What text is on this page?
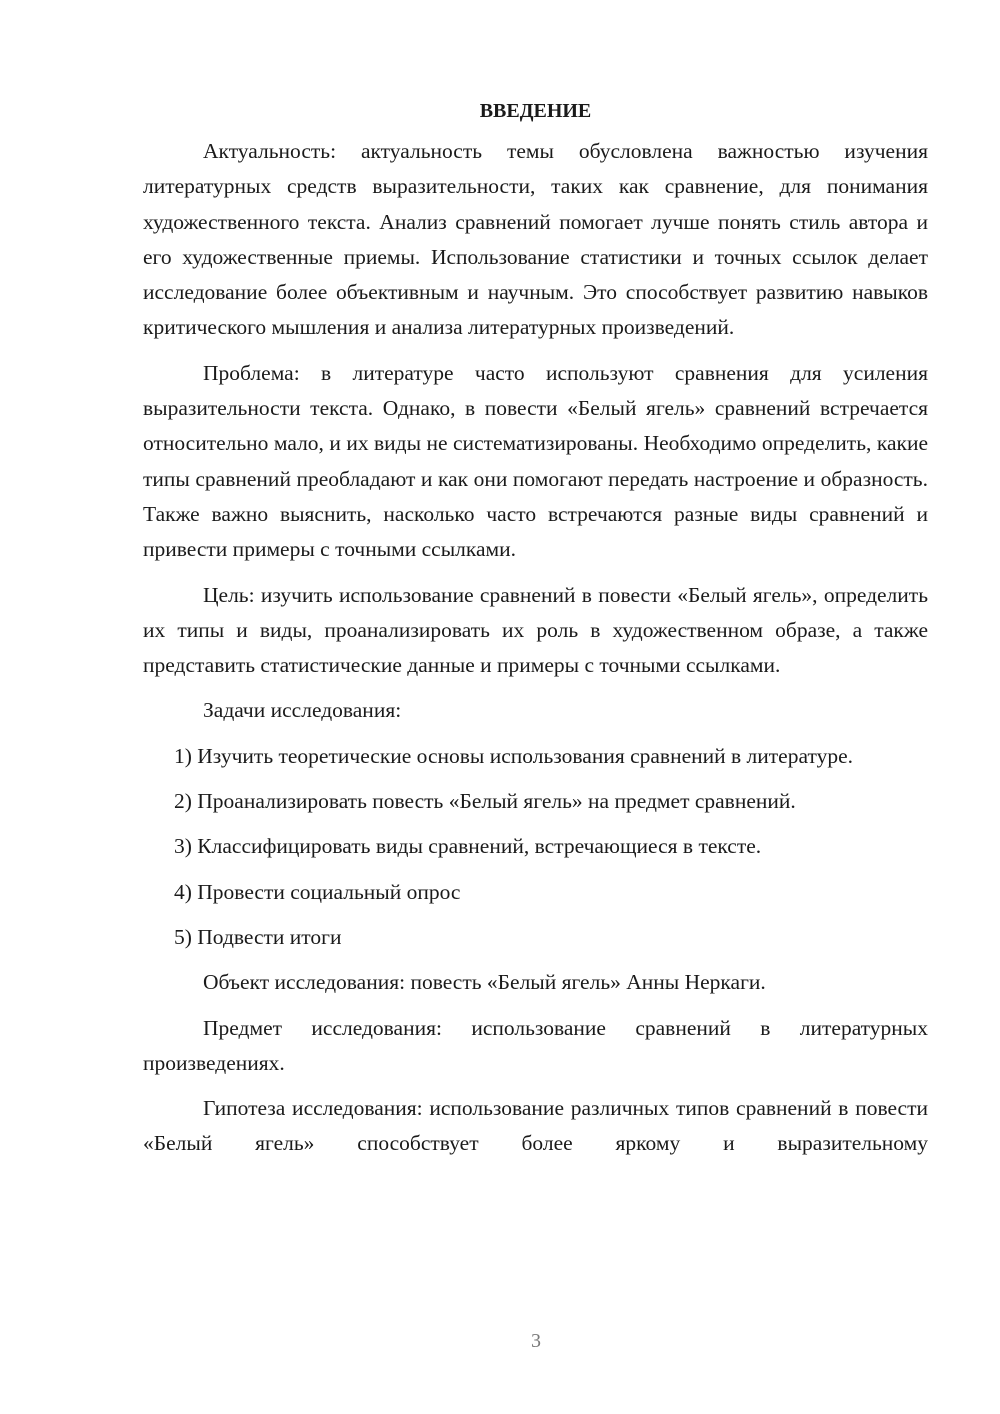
ВВЕДЕНИЕ

Актуальность: актуальность темы обусловлена важностью изучения литературных средств выразительности, таких как сравнение, для понимания художественного текста. Анализ сравнений помогает лучше понять стиль автора и его художественные приемы. Использование статистики и точных ссылок делает исследование более объективным и научным. Это способствует развитию навыков критического мышления и анализа литературных произведений.

Проблема: в литературе часто используют сравнения для усиления выразительности текста. Однако, в повести «Белый ягель» сравнений встречается относительно мало, и их виды не систематизированы. Необходимо определить, какие типы сравнений преобладают и как они помогают передать настроение и образность. Также важно выяснить, насколько часто встречаются разные виды сравнений и привести примеры с точными ссылками.

Цель: изучить использование сравнений в повести «Белый ягель», определить их типы и виды, проанализировать их роль в художественном образе, а также представить статистические данные и примеры с точными ссылками.

Задачи исследования:

1) Изучить теоретические основы использования сравнений в литературе.

2) Проанализировать повесть «Белый ягель» на предмет сравнений.

3) Классифицировать виды сравнений, встречающиеся в тексте.

4) Провести социальный опрос

5) Подвести итоги

Объект исследования: повесть «Белый ягель» Анны Неркаги.

Предмет исследования: использование сравнений в литературных произведениях.

Гипотеза исследования: использование различных типов сравнений в повести «Белый ягель» способствует более яркому и выразительному

3
